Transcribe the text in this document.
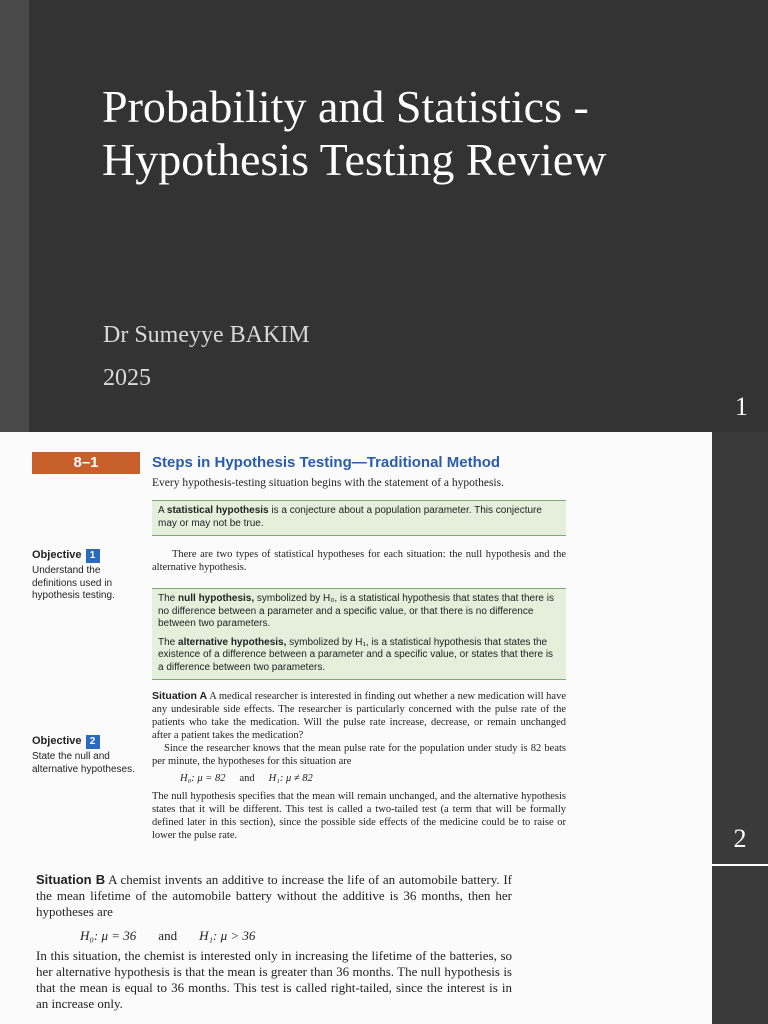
Probability and Statistics - Hypothesis Testing Review
Dr Sumeyye BAKIM
2025
1
8–1	Steps in Hypothesis Testing—Traditional Method
Every hypothesis-testing situation begins with the statement of a hypothesis.

A statistical hypothesis is a conjecture about a population parameter. This conjecture may or may not be true.

Objective 1
Understand the definitions used in hypothesis testing.
There are two types of statistical hypotheses for each situation: the null hypothesis and the alternative hypothesis.

The null hypothesis, symbolized by H₀, is a statistical hypothesis that states that there is no difference between a parameter and a specific value, or that there is no difference between two parameters.

The alternative hypothesis, symbolized by H₁, is a statistical hypothesis that states the existence of a difference between a parameter and a specific value, or states that there is a difference between two parameters.

Objective 2
State the null and alternative hypotheses.
Situation A A medical researcher is interested in finding out whether a new medication will have any undesirable side effects. The researcher is particularly concerned with the pulse rate of the patients who take the medication. Will the pulse rate increase, decrease, or remain unchanged after a patient takes the medication?
Since the researcher knows that the mean pulse rate for the population under study is 82 beats per minute, the hypotheses for this situation are
H₀: μ = 82 and H₁: μ ≠ 82
The null hypothesis specifies that the mean will remain unchanged, and the alternative hypothesis states that it will be different. This test is called a two-tailed test (a term that will be formally defined later in this section), since the possible side effects of the medicine could be to raise or lower the pulse rate.
Situation B A chemist invents an additive to increase the life of an automobile battery. If the mean lifetime of the automobile battery without the additive is 36 months, then her hypotheses are
H₀: μ = 36 and H₁: μ > 36
In this situation, the chemist is interested only in increasing the lifetime of the batteries, so her alternative hypothesis is that the mean is greater than 36 months. The null hypothesis is that the mean is equal to 36 months. This test is called right-tailed, since the interest is in an increase only.
2
